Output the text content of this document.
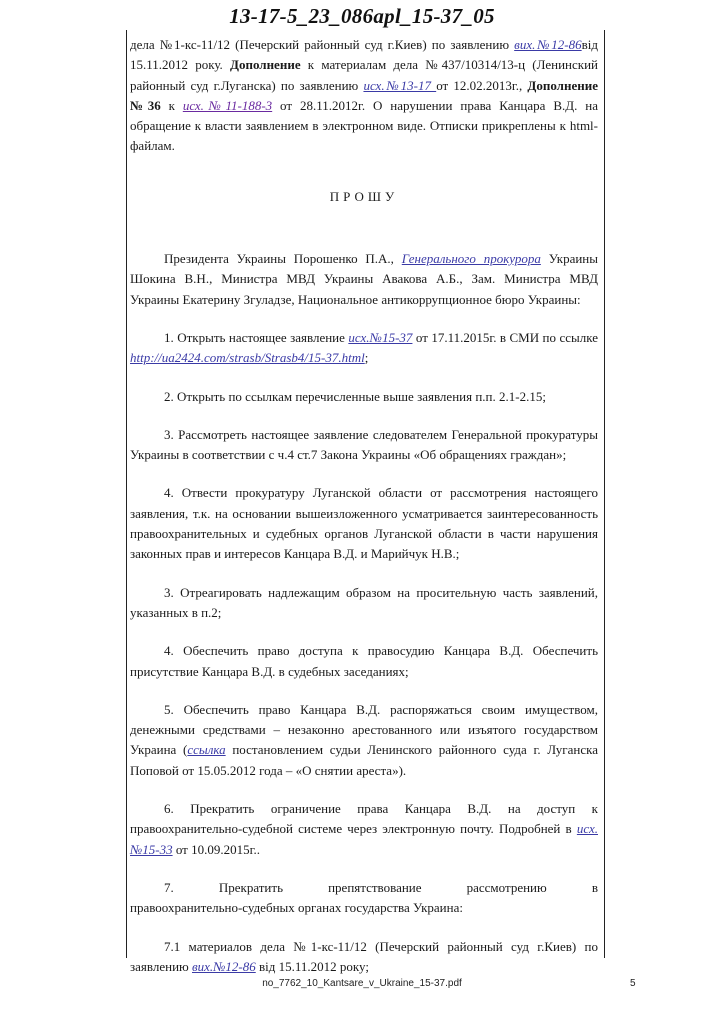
13-17-5_23_086apl_15-37_05

дела №1-кс-11/12 (Печерский районный суд г.Киев) по заявлению вих.№12-86від 15.11.2012 року. Дополнение к материалам дела №437/10314/13-ц (Ленинский районный суд г.Луганска) по заявлению исх.№13-17 от 12.02.2013г., Дополнение №36 к исх.№11-188-3 от 28.11.2012г. О нарушении права Канцара В.Д. на обращение к власти заявлением в электронном виде. Отписки прикреплены к html-файлам.

ПРОШУ

Президента Украины Порошенко П.А., Генерального прокурора Украины Шокина В.Н., Министра МВД Украины Авакова А.Б., Зам. Министра МВД Украины Екатерину Згуладзе, Национальное антикоррупционное бюро Украины:

1. Открыть настоящее заявление исх.№15-37 от 17.11.2015г. в СМИ по ссылке http://ua2424.com/strasb/Strasb4/15-37.html;

2. Открыть по ссылкам перечисленные выше заявления п.п. 2.1-2.15;

3. Рассмотреть настоящее заявление следователем Генеральной прокуратуры Украины в соответствии с ч.4 ст.7 Закона Украины «Об обращениях граждан»;

4. Отвести прокуратуру Луганской области от рассмотрения настоящего заявления, т.к. на основании вышеизложенного усматривается заинтересованность правоохранительных и судебных органов Луганской области в части нарушения законных прав и интересов Канцара В.Д. и Марийчук Н.В.;

3. Отреагировать надлежащим образом на просительную часть заявлений, указанных в п.2;

4. Обеспечить право доступа к правосудию Канцара В.Д. Обеспечить присутствие Канцара В.Д. в судебных заседаниях;

5. Обеспечить право Канцара В.Д. распоряжаться своим имуществом, денежными средствами – незаконно арестованного или изъятого государством Украина (ссылка постановлением судьи Ленинского районного суда г. Луганска Поповой от 15.05.2012 года – «О снятии ареста»).

6. Прекратить ограничение права Канцара В.Д. на доступ к правоохранительно-судебной системе через электронную почту. Подробней в исх.№15-33 от 10.09.2015г..

7.	Прекратить	препятствование	рассмотрению	в
правоохранительно-судебных органах государства Украина:

7.1 материалов дела №1-кс-11/12 (Печерский районный суд г.Киев) по заявлению вих.№12-86 від 15.11.2012 року;

no_7762_10_Kantsare_v_Ukraine_15-37.pdf	5
